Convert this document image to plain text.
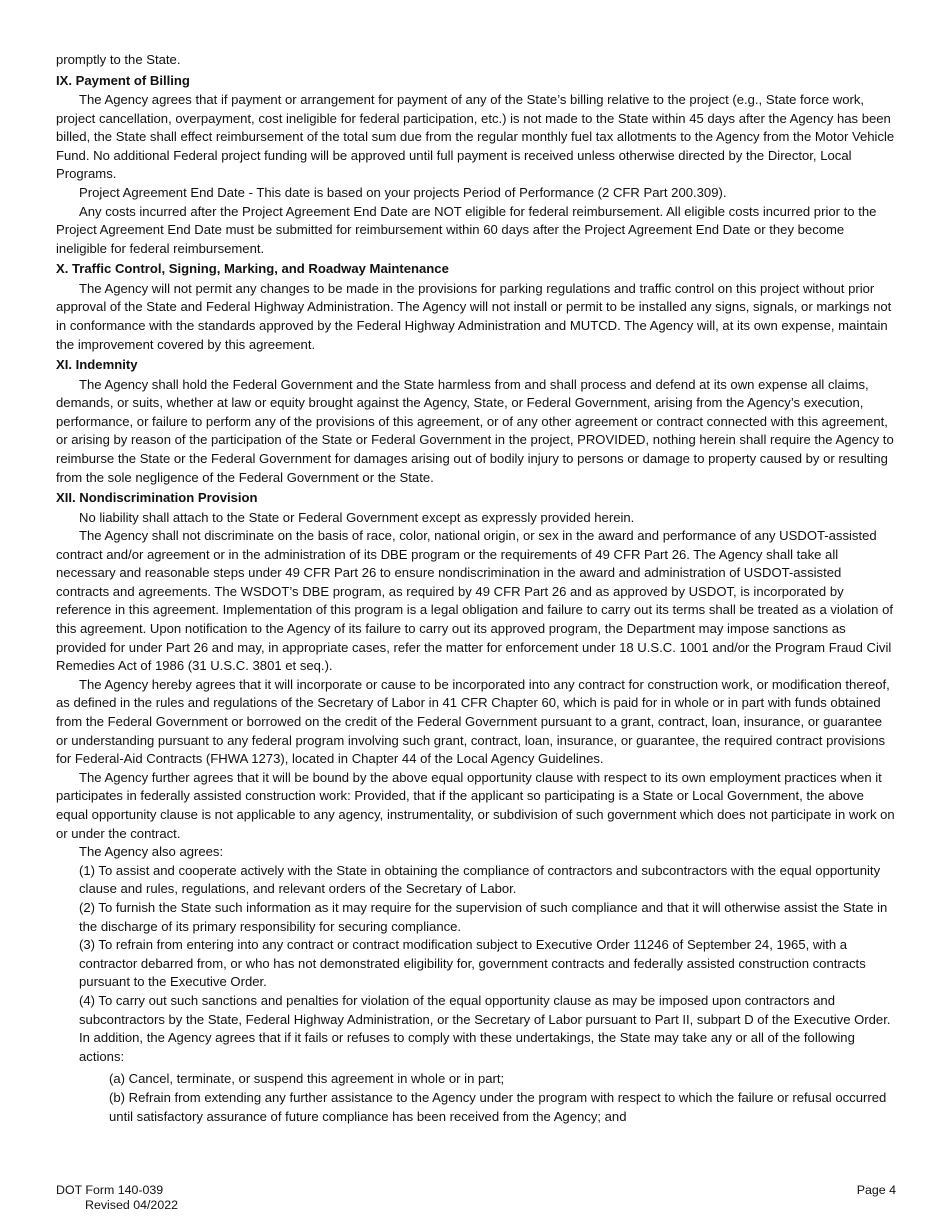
promptly to the State.

IX. Payment of Billing

The Agency agrees that if payment or arrangement for payment of any of the State’s billing relative to the project (e.g., State force work, project cancellation, overpayment, cost ineligible for federal participation, etc.) is not made to the State within 45 days after the Agency has been billed, the State shall effect reimbursement of the total sum due from the regular monthly fuel tax allotments to the Agency from the Motor Vehicle Fund. No additional Federal project funding will be approved until full payment is received unless otherwise directed by the Director, Local Programs.

Project Agreement End Date - This date is based on your projects Period of Performance (2 CFR Part 200.309).

Any costs incurred after the Project Agreement End Date are NOT eligible for federal reimbursement. All eligible costs incurred prior to the Project Agreement End Date must be submitted for reimbursement within 60 days after the Project Agreement End Date or they become ineligible for federal reimbursement.

X. Traffic Control, Signing, Marking, and Roadway Maintenance

The Agency will not permit any changes to be made in the provisions for parking regulations and traffic control on this project without prior approval of the State and Federal Highway Administration. The Agency will not install or permit to be installed any signs, signals, or markings not in conformance with the standards approved by the Federal Highway Administration and MUTCD. The Agency will, at its own expense, maintain the improvement covered by this agreement.

XI. Indemnity

The Agency shall hold the Federal Government and the State harmless from and shall process and defend at its own expense all claims, demands, or suits, whether at law or equity brought against the Agency, State, or Federal Government, arising from the Agency’s execution, performance, or failure to perform any of the provisions of this agreement, or of any other agreement or contract connected with this agreement, or arising by reason of the participation of the State or Federal Government in the project, PROVIDED, nothing herein shall require the Agency to reimburse the State or the Federal Government for damages arising out of bodily injury to persons or damage to property caused by or resulting from the sole negligence of the Federal Government or the State.

XII. Nondiscrimination Provision

No liability shall attach to the State or Federal Government except as expressly provided herein.

The Agency shall not discriminate on the basis of race, color, national origin, or sex in the award and performance of any USDOT-assisted contract and/or agreement or in the administration of its DBE program or the requirements of 49 CFR Part 26. The Agency shall take all necessary and reasonable steps under 49 CFR Part 26 to ensure nondiscrimination in the award and administration of USDOT-assisted contracts and agreements. The WSDOT’s DBE program, as required by 49 CFR Part 26 and as approved by USDOT, is incorporated by reference in this agreement. Implementation of this program is a legal obligation and failure to carry out its terms shall be treated as a violation of this agreement. Upon notification to the Agency of its failure to carry out its approved program, the Department may impose sanctions as provided for under Part 26 and may, in appropriate cases, refer the matter for enforcement under 18 U.S.C. 1001 and/or the Program Fraud Civil Remedies Act of 1986 (31 U.S.C. 3801 et seq.).

The Agency hereby agrees that it will incorporate or cause to be incorporated into any contract for construction work, or modification thereof, as defined in the rules and regulations of the Secretary of Labor in 41 CFR Chapter 60, which is paid for in whole or in part with funds obtained from the Federal Government or borrowed on the credit of the Federal Government pursuant to a grant, contract, loan, insurance, or guarantee or understanding pursuant to any federal program involving such grant, contract, loan, insurance, or guarantee, the required contract provisions for Federal-Aid Contracts (FHWA 1273), located in Chapter 44 of the Local Agency Guidelines.

The Agency further agrees that it will be bound by the above equal opportunity clause with respect to its own employment practices when it participates in federally assisted construction work: Provided, that if the applicant so participating is a State or Local Government, the above equal opportunity clause is not applicable to any agency, instrumentality, or subdivision of such government which does not participate in work on or under the contract.

The Agency also agrees:

(1) To assist and cooperate actively with the State in obtaining the compliance of contractors and subcontractors with the equal opportunity clause and rules, regulations, and relevant orders of the Secretary of Labor.

(2) To furnish the State such information as it may require for the supervision of such compliance and that it will otherwise assist the State in the discharge of its primary responsibility for securing compliance.

(3) To refrain from entering into any contract or contract modification subject to Executive Order 11246 of September 24, 1965, with a contractor debarred from, or who has not demonstrated eligibility for, government contracts and federally assisted construction contracts pursuant to the Executive Order.

(4) To carry out such sanctions and penalties for violation of the equal opportunity clause as may be imposed upon contractors and subcontractors by the State, Federal Highway Administration, or the Secretary of Labor pursuant to Part II, subpart D of the Executive Order.

In addition, the Agency agrees that if it fails or refuses to comply with these undertakings, the State may take any or all of the following actions:

(a) Cancel, terminate, or suspend this agreement in whole or in part;

(b) Refrain from extending any further assistance to the Agency under the program with respect to which the failure or refusal occurred until satisfactory assurance of future compliance has been received from the Agency; and

DOT Form 140-039
Revised 04/2022
Page 4
